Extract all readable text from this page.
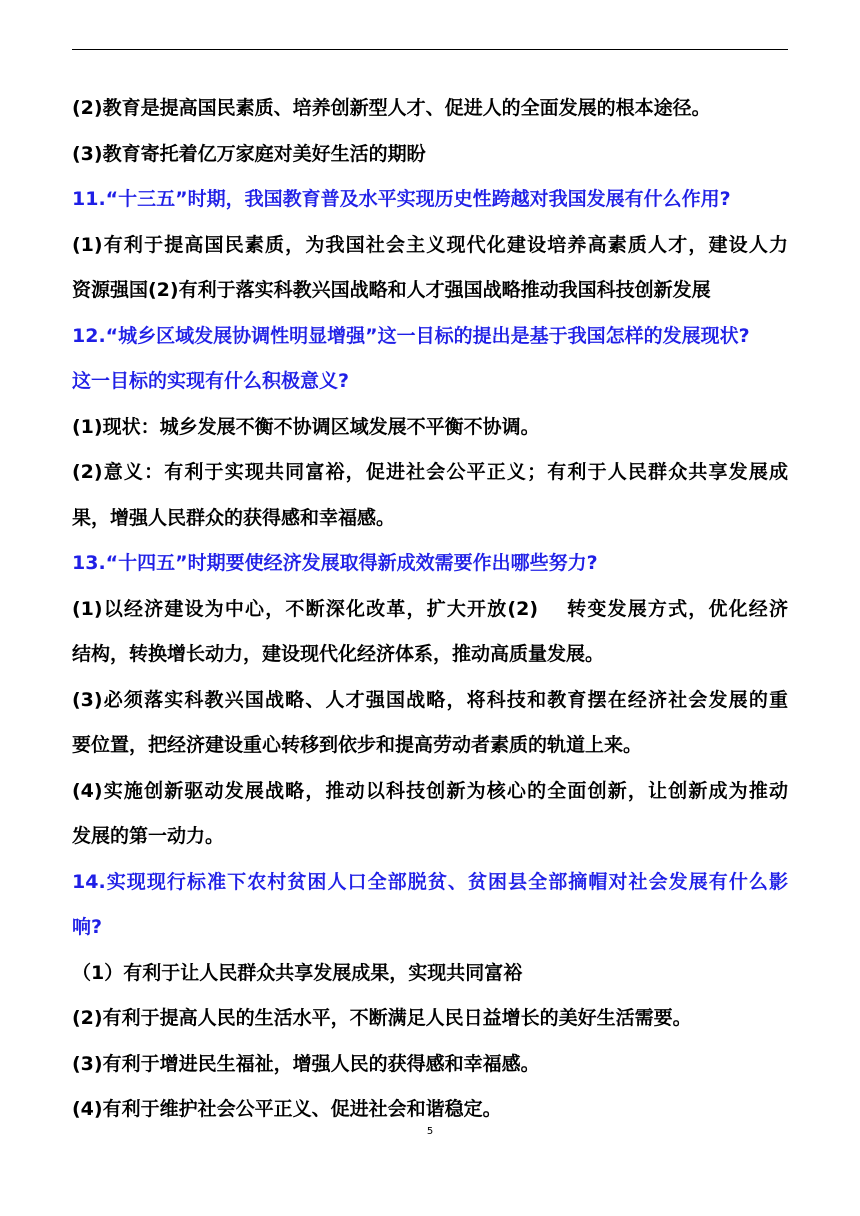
(2)教育是提高国民素质、培养创新型人才、促进人的全面发展的根本途径。
(3)教育寄托着亿万家庭对美好生活的期盼
11.“十三五”时期，我国教育普及水平实现历史性跨越对我国发展有什么作用?
(1)有利于提高国民素质，为我国社会主义现代化建设培养高素质人才，建设人力
资源强国(2)有利于落实科教兴国战略和人才强国战略推动我国科技创新发展
12.“城乡区域发展协调性明显增强”这一目标的提出是基于我国怎样的发展现状?
这一目标的实现有什么积极意义?
(1)现状：城乡发展不衡不协调区域发展不平衡不协调。
(2)意义：有利于实现共同富裕，促进社会公平正义；有利于人民群众共享发展成
果，增强人民群众的获得感和幸福感。
13.“十四五”时期要使经济发展取得新成效需要作出哪些努力?
(1)以经济建设为中心，不断深化改革，扩大开放(2)　 转变发展方式，优化经济
结构，转换增长动力，建设现代化经济体系，推动高质量发展。
(3)必须落实科教兴国战略、人才强国战略，将科技和教育摆在经济社会发展的重
要位置，把经济建设重心转移到依步和提高劳动者素质的轨道上来。
(4)实施创新驱动发展战略，推动以科技创新为核心的全面创新，让创新成为推动
发展的第一动力。
14.实现现行标准下农村贫困人口全部脱贫、贫困县全部摘帽对社会发展有什么影
响?
（1）有利于让人民群众共享发展成果，实现共同富裕
(2)有利于提高人民的生活水平，不断满足人民日益增长的美好生活需要。
(3)有利于增进民生福祉，增强人民的获得感和幸福感。
(4)有利于维护社会公平正义、促进社会和谐稳定。
5
